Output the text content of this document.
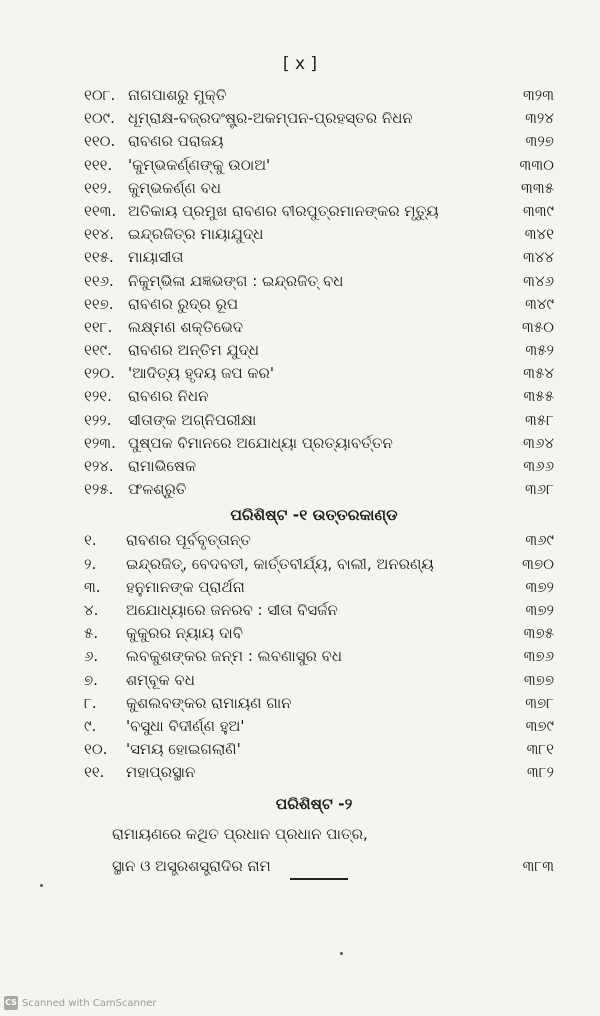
[ x ]
୧୦୮. ନାଗପାଶରୁ ମୁକ୍ତି	୩୨୩
୧୦୯. ଧୂମ୍ରାକ୍ଷ-ବଜ୍ରଦଂଷ୍ଟ୍ର-ଅକମ୍ପନ-ପ୍ରହସ୍ତର ନିଧନ	୩୨୪
୧୧୦. ରାବଣର ପରାଜୟ	୩୨୭
୧୧୧. 'କୁମ୍ଭକର୍ଣ୍ଣଙ୍କୁ ଉଠାଅ'	୩୩୦
୧୧୨. କୁମ୍ଭକର୍ଣ୍ଣ ବଧ	୩୩୫
୧୧୩. ଅତିକାୟ ପ୍ରମୁଖ ରାବଣର ବୀରପୁତ୍ରମାନଙ୍କର ମୃତ୍ୟୁ	୩୩୯
୧୧୪. ଇନ୍ଦ୍ରଜିତ୍‌ର ମାୟାଯୁଦ୍ଧ	୩୪୧
୧୧୫. ମାୟାସୀତା	୩୪୪
୧୧୬. ନିକୁମ୍ଭିଳା ଯଜ୍ଞଭଙ୍ଗ : ଇନ୍ଦ୍ରଜିତ୍ ବଧ	୩୪୬
୧୧୭. ରାବଣର ରୁଦ୍ର ରୂପ	୩୪୯
୧୧୮. ଲକ୍ଷ୍ମଣ ଶକ୍ତିଭେଦ	୩୫୦
୧୧୯. ରାବଣର ଅନ୍ତିମ ଯୁଦ୍ଧ	୩୫୨
୧୨୦. 'ଆଦିତ୍ୟ ହୃଦୟ ଜପ କର'	୩୫୪
୧୨୧. ରାବଣର ନିଧନ	୩୫୫
୧୨୨. ସୀତାଙ୍କ ଅଗ୍ନିପରୀକ୍ଷା	୩୫୮
୧୨୩. ପୁଷ୍ପକ ବିମାନରେ ଅଯୋଧ୍ୟା ପ୍ରତ୍ୟାବର୍ତ୍ତନ	୩୬୪
୧୨୪. ରାମାଭିଷେକ	୩୬୬
୧୨୫. ଫଳଶ୍ରୁତି	୩୬୮
ପରିଶିଷ୍ଟ -୧ ଉତ୍ତରକାଣ୍ଡ
୧. ରାବଣର ପୂର୍ବବୃତ୍ତାନ୍ତ	୩୬୯
୨. ଇନ୍ଦ୍ରଜିତ୍, ବେଦବତୀ, କାର୍ତ୍ତବୀର୍ଯ୍ୟ, ବାଲୀ, ଅନରଣ୍ୟ	୩୭୦
୩. ହନୁମାନଙ୍କ ପ୍ରାର୍ଥନା	୩୭୨
୪. ଅଯୋଧ୍ୟାରେ ଜନରବ : ସୀତା ବିସର୍ଜନ	୩୭୨
୫. କୁକୁରର ନ୍ୟାୟ ଦାବି	୩୭୫
୬. ଲବକୁଶଙ୍କର ଜନ୍ମ : ଲବଣାସୁର ବଧ	୩୭୬
୭. ଶମ୍ବୂକ ବଧ	୩୭୭
୮. କୁଶଲବଙ୍କର ରାମାୟଣ ଗାନ	୩୭୮
୯. 'ବସୁଧା ବିଦୀର୍ଣ୍ଣ ହୁଅ'	୩୭୯
୧୦. 'ସମୟ ହୋଇଗଲାଣି'	୩୮୧
୧୧. ମହାପ୍ରସ୍ଥାନ	୩୮୨
ପରିଶିଷ୍ଟ -୨
ରାମାୟଣରେ କଥିତ ପ୍ରଧାନ ପ୍ରଧାନ ପାତ୍ର,
ସ୍ଥାନ ଓ ଅସ୍ତ୍ରଶସ୍ତ୍ରାଦିର ନାମ	୩୮୩
CS Scanned with CamScanner
